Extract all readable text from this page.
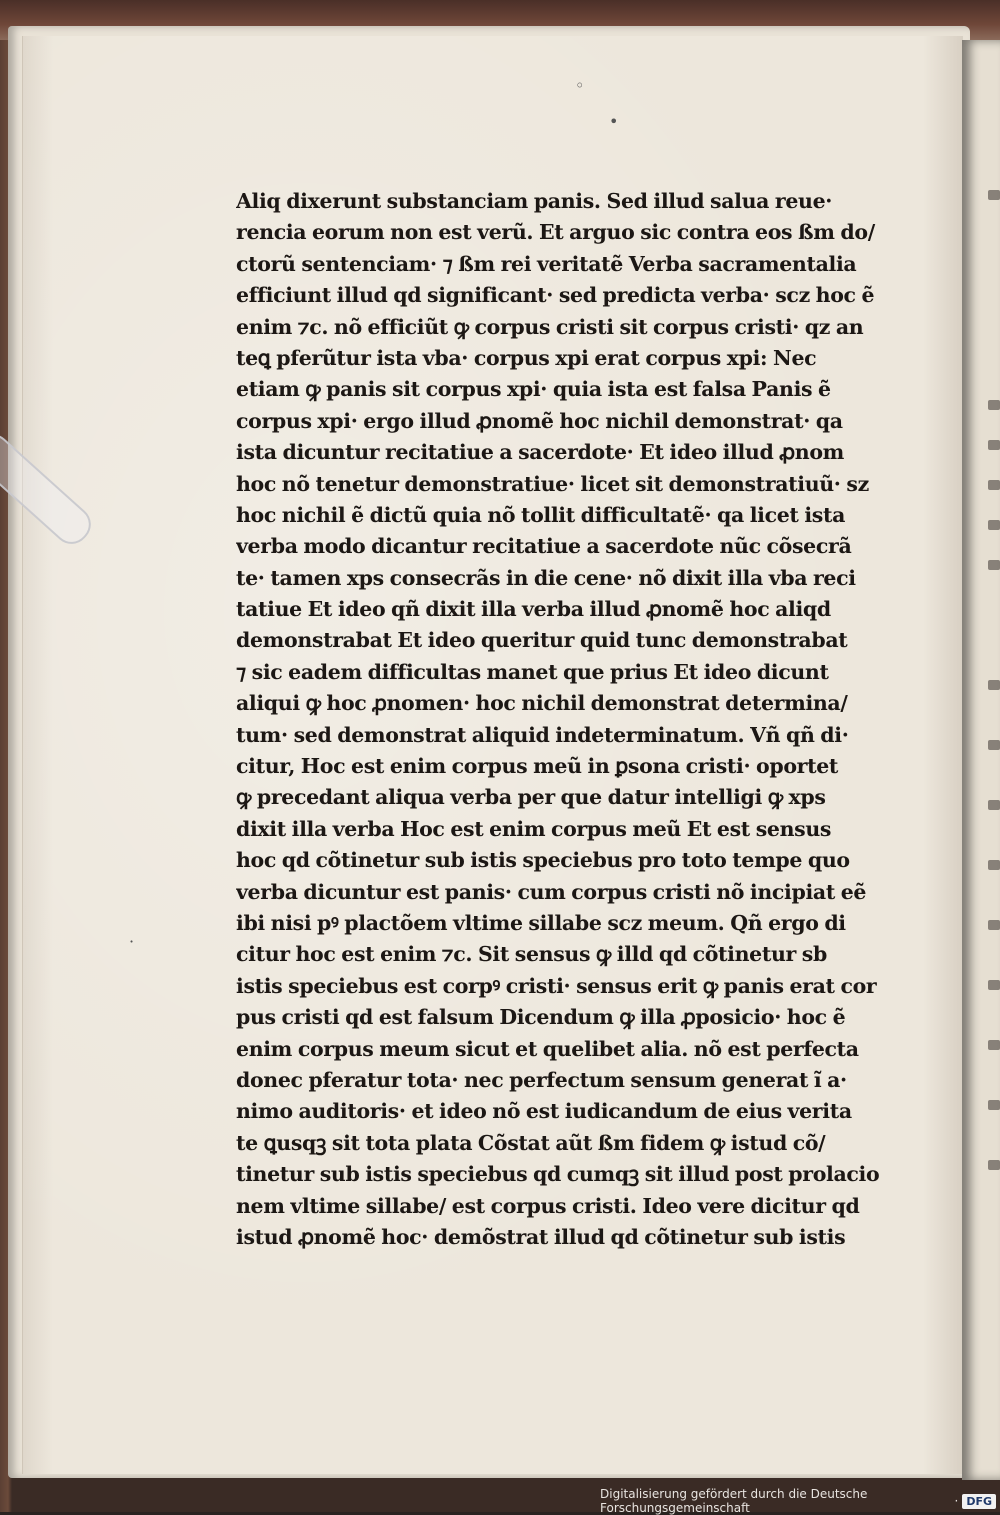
◦
•
·
Aliq dixerunt substanciam panis. Sed illud salua reue·
rencia eorum non est verũ. Et arguo sic contra eos ßm do/
ctorũ sentenciam· ⁊ ßm rei veritatẽ Verba sacramentalia
efficiunt illud qd significant· sed predicta verba· scz hoc ẽ
enim ⁊c. nõ efficiũt ꝙ corpus cristi sit corpus cristi· qz an
teꝗ pferũtur ista vba· corpus xpi erat corpus xpi: Nec
etiam ꝙ panis sit corpus xpi· quia ista est falsa Panis ẽ
corpus xpi· ergo illud ꝓnomẽ hoc nichil demonstrat· qa
ista dicuntur recitatiue a sacerdote· Et ideo illud ꝓnom
hoc nõ tenetur demonstratiue· licet sit demonstratiuũ· sz
hoc nichil ẽ dictũ quia nõ tollit difficultatẽ· qa licet ista
verba modo dicantur recitatiue a sacerdote nũc cõsecrã
te· tamen xps consecrãs in die cene· nõ dixit illa vba reci
tatiue Et ideo qñ dixit illa verba illud ꝓnomẽ hoc aliqd
demonstrabat Et ideo queritur quid tunc demonstrabat
⁊ sic eadem difficultas manet que prius Et ideo dicunt
aliqui ꝙ hoc ꝓnomen· hoc nichil demonstrat determina/
tum· sed demonstrat aliquid indeterminatum. Vñ qñ di·
citur, Hoc est enim corpus meũ in ꝑsona cristi· oportet
ꝙ precedant aliqua verba per que datur intelligi ꝙ xps
dixit illa verba Hoc est enim corpus meũ Et est sensus
hoc qd cõtinetur sub istis speciebus pro toto tempe quo
verba dicuntur est panis· cum corpus cristi nõ incipiat eẽ
ibi nisi pꝰ plactõem vltime sillabe scz meum. Qñ ergo di
citur hoc est enim ⁊c. Sit sensus ꝙ illd qd cõtinetur sb
istis speciebus est corpꝰ cristi· sensus erit ꝙ panis erat cor
pus cristi qd est falsum Dicendum ꝙ illa ꝓposicio· hoc ẽ
enim corpus meum sicut et quelibet alia. nõ est perfecta
donec pferatur tota· nec perfectum sensum generat ĩ a·
nimo auditoris· et ideo nõ est iudicandum de eius verita
te ꝗusqꝫ sit tota plata Cõstat aũt ßm fidem ꝙ istud cõ/
tinetur sub istis speciebus qd cumqꝫ sit illud post prolacio
nem vltime sillabe/ est corpus cristi. Ideo vere dicitur qd
istud ꝓnomẽ hoc· demõstrat illud qd cõtinetur sub istis
Digitalisierung gefördert durch die Deutsche Forschungsgemeinschaft	· DFG
